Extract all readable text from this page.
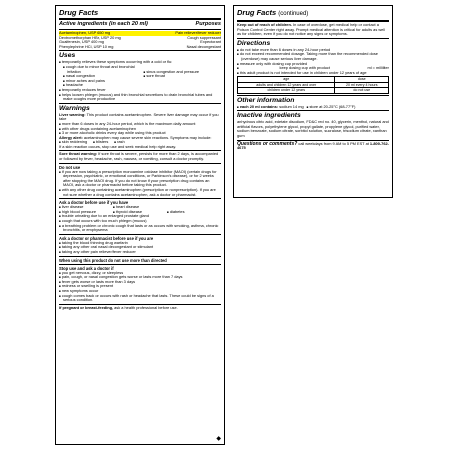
Drug Facts
Active ingredients (in each 20 ml)	Purposes
Acetaminophen, USP 650 mg	Pain reliever/fever reducer
Dextromethorphan HBr, USP 20 mg	Cough suppressant
Guaifenesin, USP 400 mg	Expectorant
Phenylephrine HCl, USP 10 mg	Nasal decongestant
Uses
■ temporarily relieves these symptoms occurring with a cold or flu:
■ cough due to minor throat and bronchial irritation
■ nasal congestion
■ minor aches and pains
■ headache
■ sinus congestion and pressure
■ sore throat
■ temporarily reduces fever
■ helps loosen phlegm (mucus) and thin bronchial secretions to drain bronchial tubes and make coughs more productive
Warnings
Liver warning: This product contains acetaminophen. Severe liver damage may occur if you take
■ more than 6 doses in any 24-hour period, which is the maximum daily amount
■ with other drugs containing acetaminophen
■ 3 or more alcoholic drinks every day while using this product
Allergy alert: acetaminophen may cause severe skin reactions. Symptoms may include:
■ skin reddening	■ blisters	■ rash
If a skin reaction occurs, stop use and seek medical help right away.
Sore throat warning: If sore throat is severe, persists for more than 2 days, is accompanied or followed by fever, headache, rash, nausea, or vomiting, consult a doctor promptly.
Do not use
■ if you are now taking a prescription monoamine oxidase inhibitor (MAOI) (certain drugs for depression, psychiatric, or emotional conditions, or Parkinson's disease), or for 2 weeks after stopping the MAOI drug. If you do not know if your prescription drug contains an MAOI, ask a doctor or pharmacist before taking this product.
■ with any other drug containing acetaminophen (prescription or nonprescription). If you are not sure whether a drug contains acetaminophen, ask a doctor or pharmacist.
Ask a doctor before use if you have
■ liver disease
■ high blood pressure
■ heart disease
■ thyroid disease	■ diabetes
■ trouble urinating due to an enlarged prostate gland
■ cough that occurs with too much phlegm (mucus)
■ a breathing problem or chronic cough that lasts or as occurs with smoking, asthma, chronic bronchitis, or emphysema
Ask a doctor or pharmacist before use if you are
■ taking the blood thinning drug warfarin
■ taking any other oral nasal decongestant or stimulant
■ taking any other pain reliever/fever reducer
When using this product do not use more than directed
Stop use and ask a doctor if
■ you get nervous, dizzy, or sleepless
■ pain, cough, or nasal congestion gets worse or lasts more than 7 days
■ fever gets worse or lasts more than 3 days
■ redness or swelling is present
■ new symptoms occur
■ cough comes back or occurs with rash or headache that lasts. These could be signs of a serious condition.
If pregnant or breast-feeding, ask a health professional before use.
◆
Drug Facts (continued)
Keep out of reach of children. In case of overdose, get medical help or contact a Poison Control Center right away. Prompt medical attention is critical for adults as well as for children, even if you do not notice any signs or symptoms.
Directions
■ do not take more than 6 doses in any 24-hour period
■ do not exceed recommended dosage. Taking more than the recommended dose (overdose) may cause serious liver damage.
■ measure only with dosing cup provided
■ keep dosing cup with product	ml = milliliter
■ this adult product is not intended for use in children under 12 years of age
age	dose
adults and children 12 years and over	20 ml every 4 hours
children under 12 years	do not use
Other information
■ each 20 ml contains: sodium 14 mg	■ store at 20-25°C (68-77°F)
Inactive ingredients
anhydrous citric acid, edetate disodium, FD&C red no. 40, glycerin, menthol, natural and artificial flavors, polyethylene glycol, propyl gallate, propylene glycol, purified water, sodium benzoate, sodium citrate, sorbitol solution, sucralose, trisodium citrate, xanthan gum
Questions or comments? call weekdays from 9 AM to 5 PM EST at 1-800-762-4675
